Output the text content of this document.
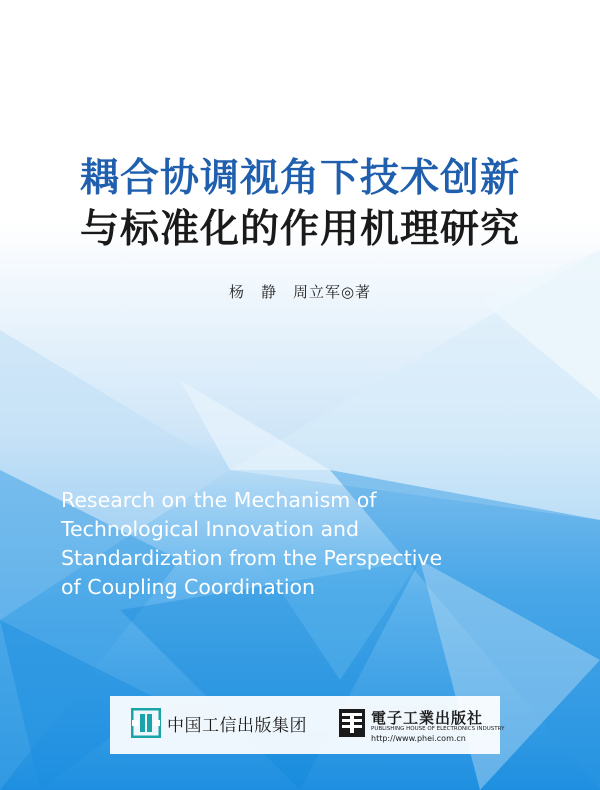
耦合协调视角下技术创新
与标准化的作用机理研究
杨　静　周立军◎著
Research on the Mechanism of
Technological Innovation and
Standardization from the Perspective
of Coupling Coordination
中国工信出版集团	電子工業出版社
PUBLISHING HOUSE OF ELECTRONICS INDUSTRY
http://www.phei.com.cn
